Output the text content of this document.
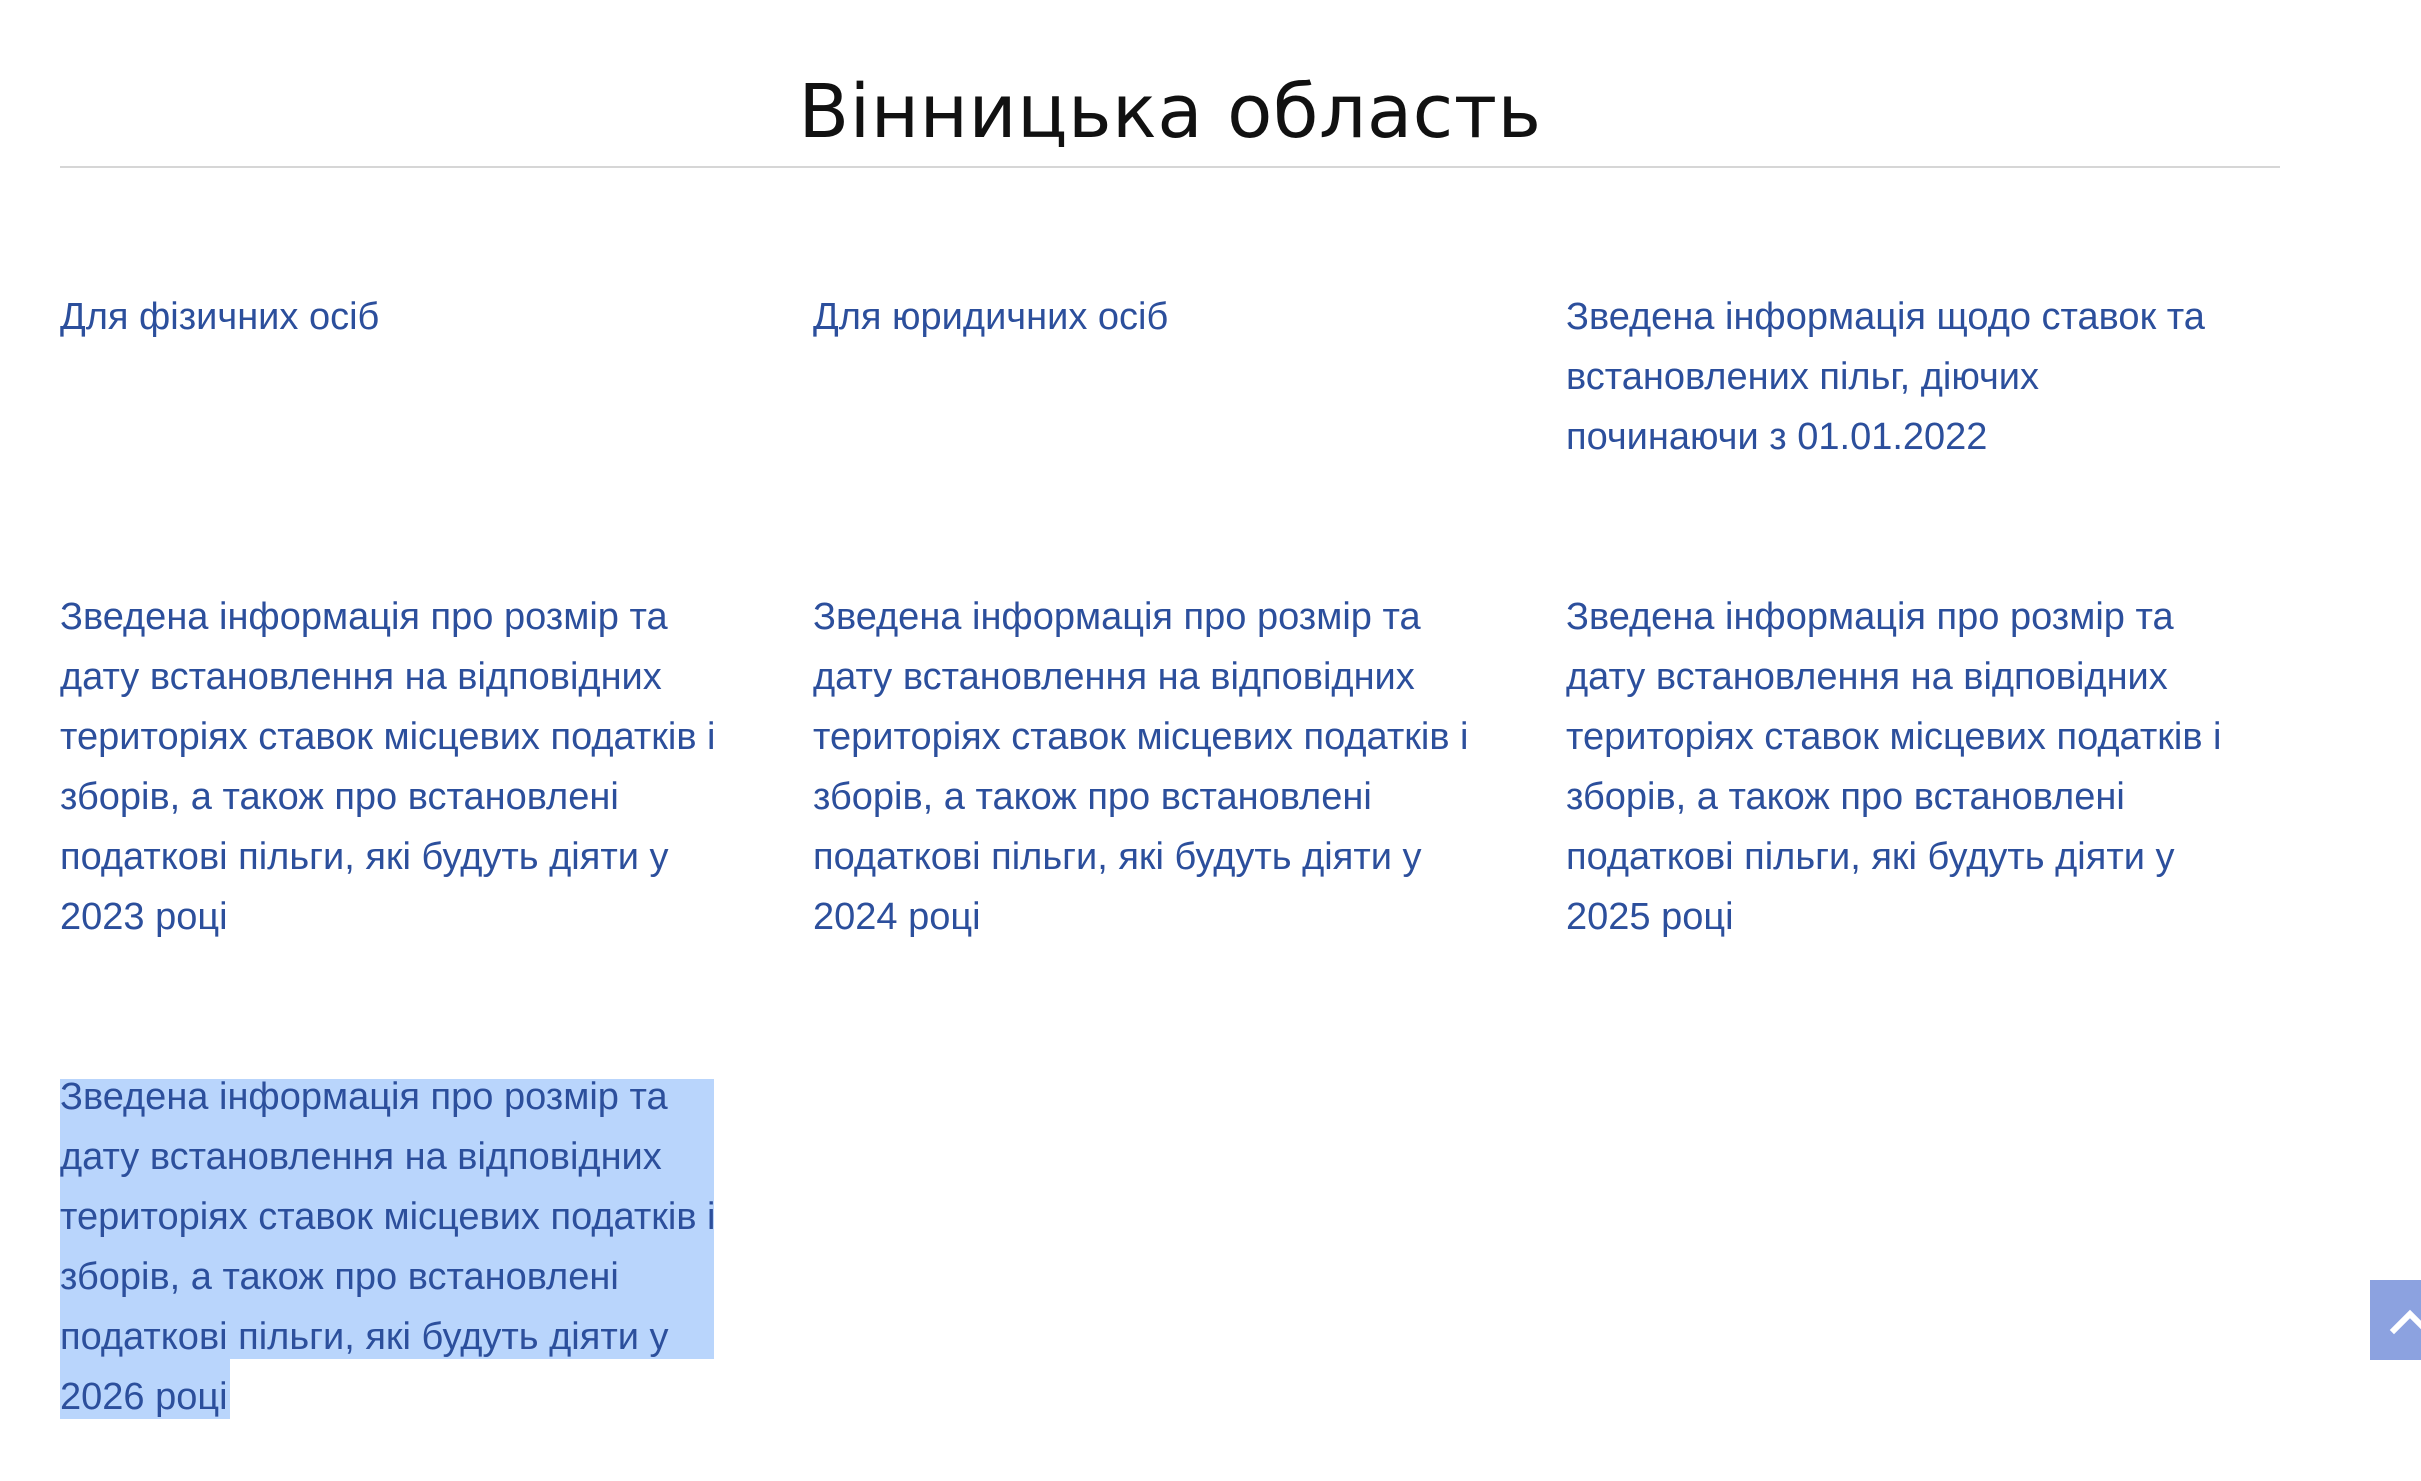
Вінницька область
Для фізичних осіб	Для юридичних осіб	Зведена інформація щодо ставок та
встановлених пільг, діючих
починаючи з 01.01.2022
Зведена інформація про розмір та
дату встановлення на відповідних
територіях ставок місцевих податків і
зборів, а також про встановлені
податкові пільги, які будуть діяти у
2023 році
Зведена інформація про розмір та
дату встановлення на відповідних
територіях ставок місцевих податків і
зборів, а також про встановлені
податкові пільги, які будуть діяти у
2024 році
Зведена інформація про розмір та
дату встановлення на відповідних
територіях ставок місцевих податків і
зборів, а також про встановлені
податкові пільги, які будуть діяти у
2025 році
Зведена інформація про розмір та
дату встановлення на відповідних
територіях ставок місцевих податків і
зборів, а також про встановлені
податкові пільги, які будуть діяти у
2026 році
